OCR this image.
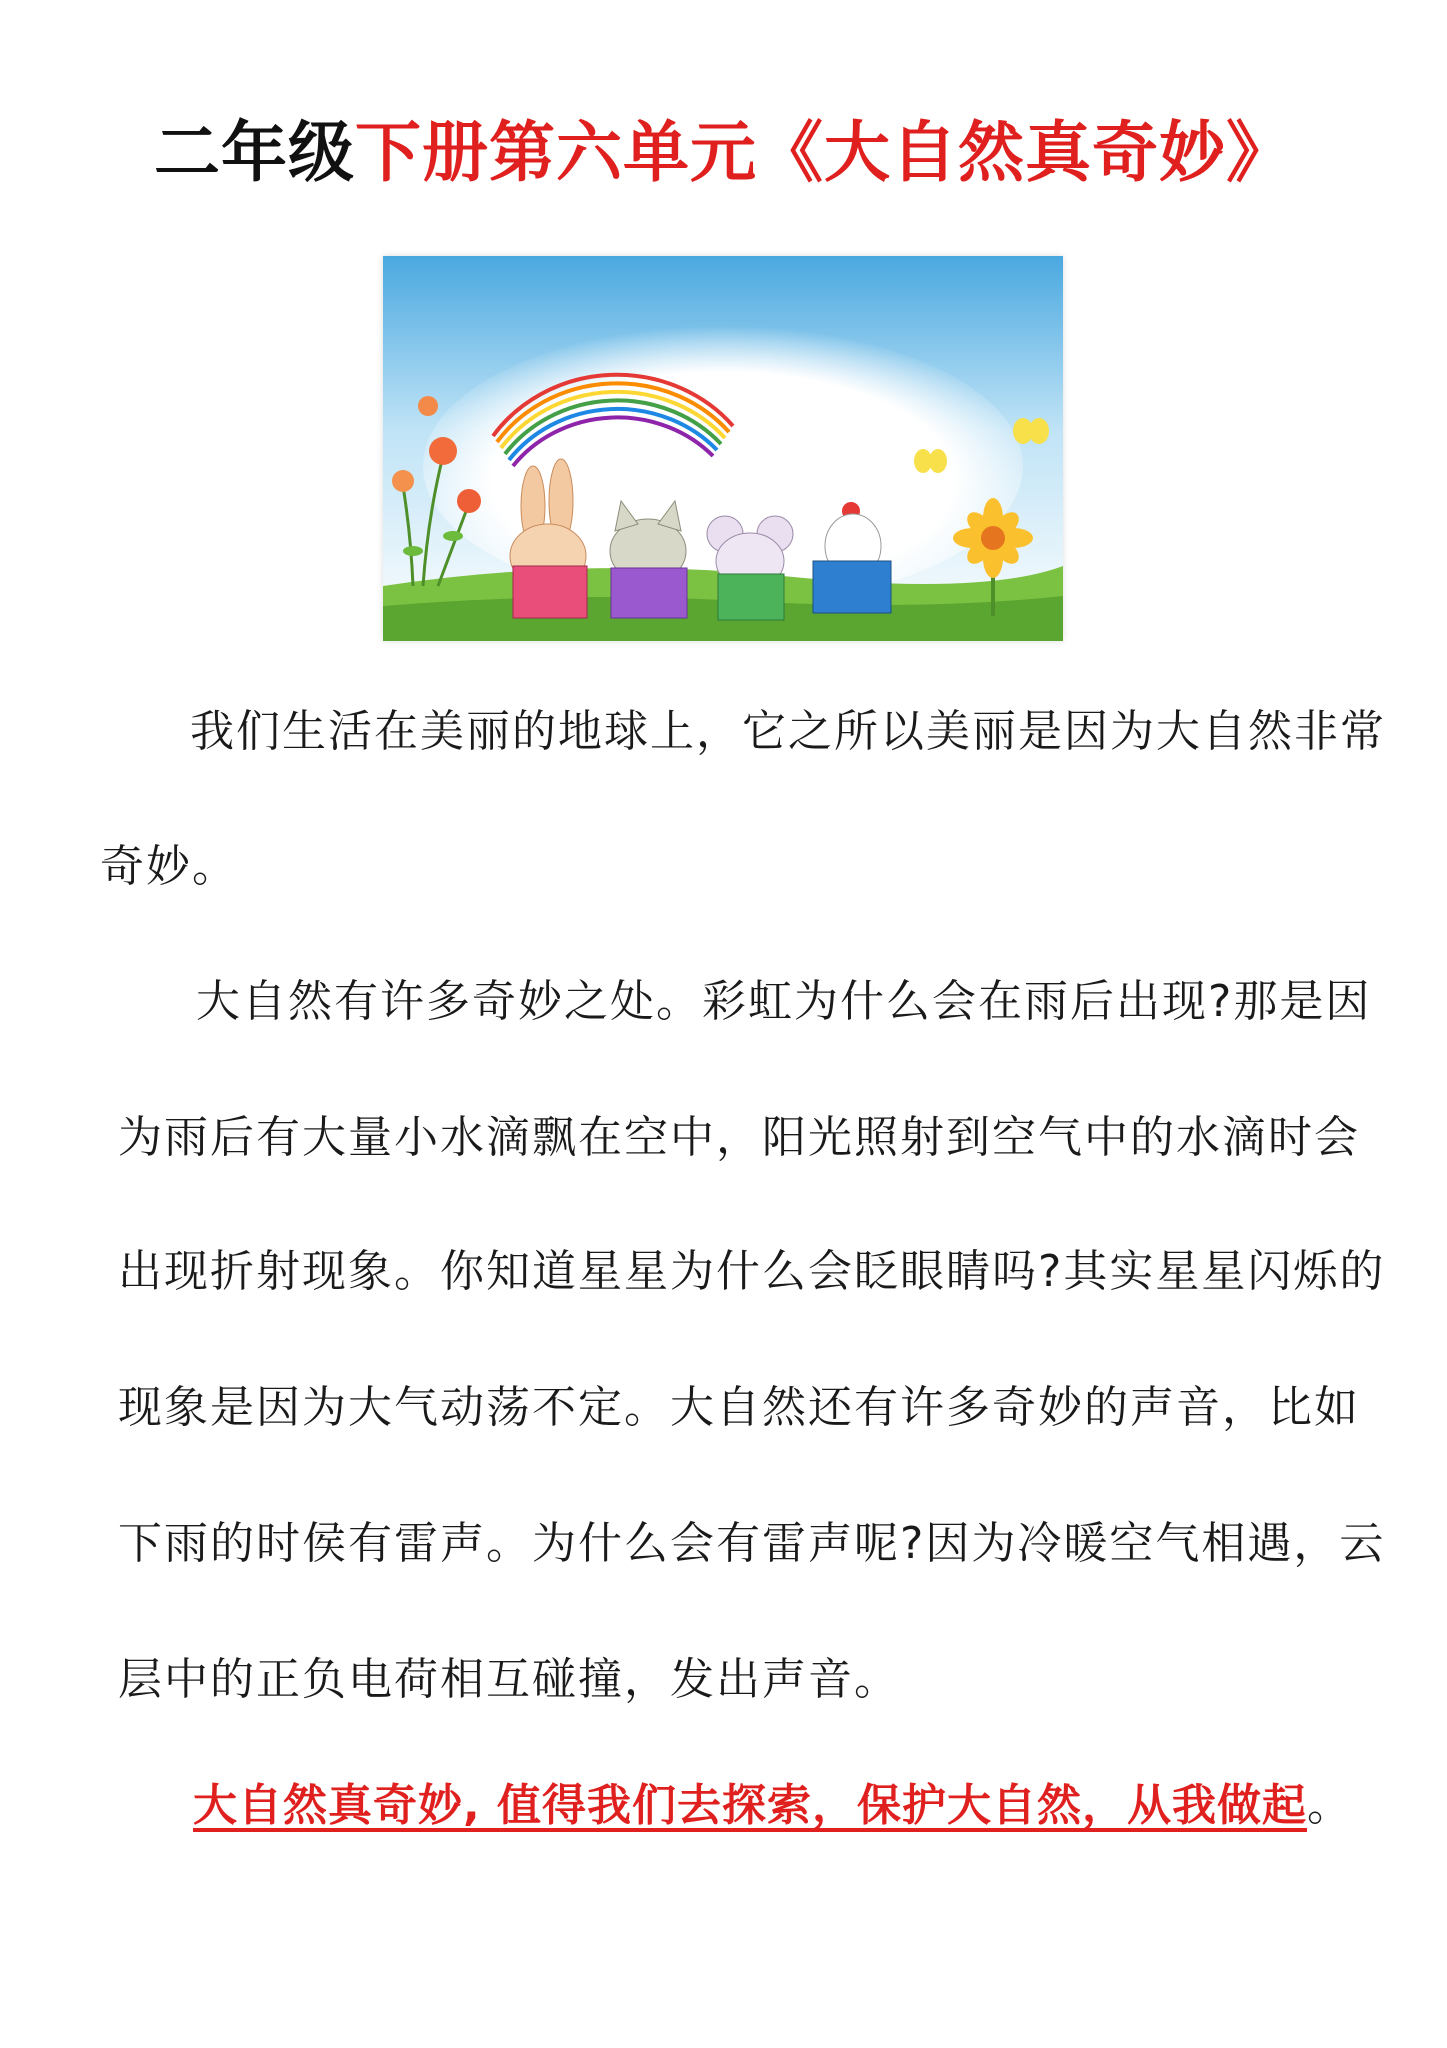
二年级下册第六单元《大自然真奇妙》
我们生活在美丽的地球上，它之所以美丽是因为大自然非常
奇妙。
大自然有许多奇妙之处。彩虹为什么会在雨后出现?那是因
为雨后有大量小水滴飘在空中，阳光照射到空气中的水滴时会
出现折射现象。你知道星星为什么会眨眼睛吗?其实星星闪烁的
现象是因为大气动荡不定。大自然还有许多奇妙的声音，比如
下雨的时侯有雷声。为什么会有雷声呢?因为冷暖空气相遇，云
层中的正负电荷相互碰撞，发出声音。
大自然真奇妙, 值得我们去探索，保护大自然，从我做起。
